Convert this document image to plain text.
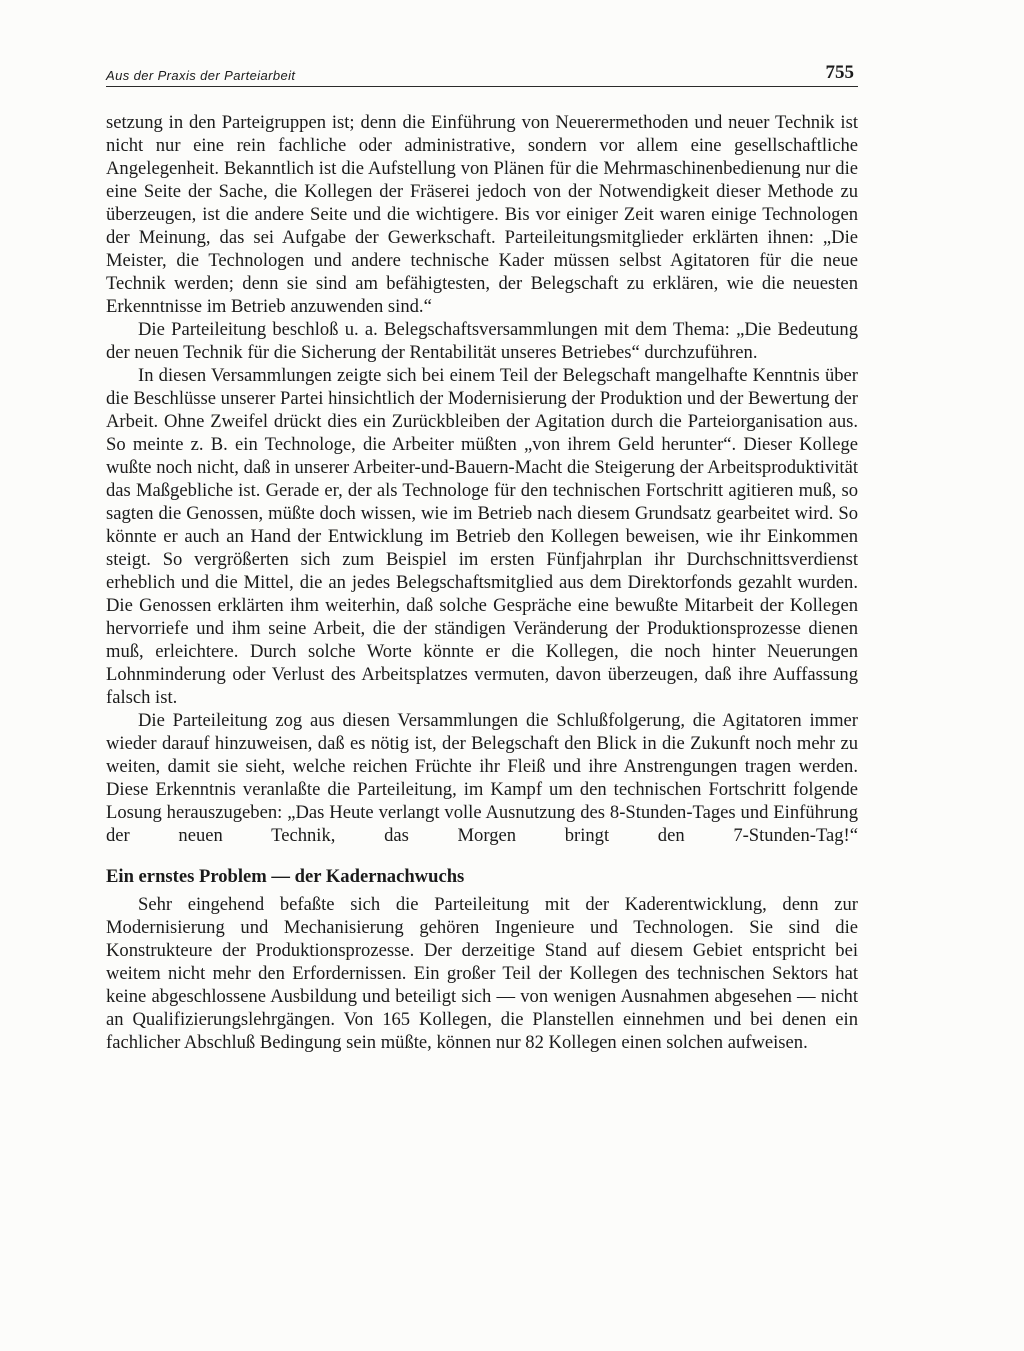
Aus der Praxis der Parteiarbeit	755

setzung in den Parteigruppen ist; denn die Einführung von Neuerermethoden und neuer Technik ist nicht nur eine rein fachliche oder administrative, sondern vor allem eine gesellschaftliche Angelegenheit. Bekanntlich ist die Aufstellung von Plänen für die Mehrmaschinenbedienung nur die eine Seite der Sache, die Kollegen der Fräserei jedoch von der Notwendigkeit dieser Methode zu überzeugen, ist die andere Seite und die wichtigere. Bis vor einiger Zeit waren einige Technologen der Meinung, das sei Aufgabe der Gewerkschaft. Parteileitungsmitglieder erklärten ihnen: „Die Meister, die Technologen und andere technische Kader müssen selbst Agitatoren für die neue Technik werden; denn sie sind am befähigtesten, der Belegschaft zu erklären, wie die neuesten Erkenntnisse im Betrieb anzuwenden sind.“

Die Parteileitung beschloß u. a. Belegschaftsversammlungen mit dem Thema: „Die Bedeutung der neuen Technik für die Sicherung der Rentabilität unseres Betriebes“ durchzuführen.

In diesen Versammlungen zeigte sich bei einem Teil der Belegschaft mangelhafte Kenntnis über die Beschlüsse unserer Partei hinsichtlich der Modernisierung der Produktion und der Bewertung der Arbeit. Ohne Zweifel drückt dies ein Zurückbleiben der Agitation durch die Parteiorganisation aus. So meinte z. B. ein Technologe, die Arbeiter müßten „von ihrem Geld herunter“. Dieser Kollege wußte noch nicht, daß in unserer Arbeiter-und-Bauern-Macht die Steigerung der Arbeitsproduktivität das Maßgebliche ist. Gerade er, der als Technologe für den technischen Fortschritt agitieren muß, so sagten die Genossen, müßte doch wissen, wie im Betrieb nach diesem Grundsatz gearbeitet wird. So könnte er auch an Hand der Entwicklung im Betrieb den Kollegen beweisen, wie ihr Einkommen steigt. So vergrößerten sich zum Beispiel im ersten Fünfjahrplan ihr Durchschnittsverdienst erheblich und die Mittel, die an jedes Belegschaftsmitglied aus dem Direktorfonds gezahlt wurden. Die Genossen erklärten ihm weiterhin, daß solche Gespräche eine bewußte Mitarbeit der Kollegen hervorriefe und ihm seine Arbeit, die der ständigen Veränderung der Produktionsprozesse dienen muß, erleichtere. Durch solche Worte könnte er die Kollegen, die noch hinter Neuerungen Lohnminderung oder Verlust des Arbeitsplatzes vermuten, davon überzeugen, daß ihre Auffassung falsch ist.

Die Parteileitung zog aus diesen Versammlungen die Schlußfolgerung, die Agitatoren immer wieder darauf hinzuweisen, daß es nötig ist, der Belegschaft den Blick in die Zukunft noch mehr zu weiten, damit sie sieht, welche reichen Früchte ihr Fleiß und ihre Anstrengungen tragen werden. Diese Erkenntnis veranlaßte die Parteileitung, im Kampf um den technischen Fortschritt folgende Losung herauszugeben: „Das Heute verlangt volle Ausnutzung des 8-Stunden-Tages und Einführung der neuen Technik, das Morgen bringt den 7-Stunden-Tag!“

Ein ernstes Problem — der Kadernachwuchs

Sehr eingehend befaßte sich die Parteileitung mit der Kaderentwicklung, denn zur Modernisierung und Mechanisierung gehören Ingenieure und Technologen. Sie sind die Konstrukteure der Produktionsprozesse. Der derzeitige Stand auf diesem Gebiet entspricht bei weitem nicht mehr den Erfordernissen. Ein großer Teil der Kollegen des technischen Sektors hat keine abgeschlossene Ausbildung und beteiligt sich — von wenigen Ausnahmen abgesehen — nicht an Qualifizierungslehrgängen. Von 165 Kollegen, die Planstellen einnehmen und bei denen ein fachlicher Abschluß Bedingung sein müßte, können nur 82 Kollegen einen solchen aufweisen.
